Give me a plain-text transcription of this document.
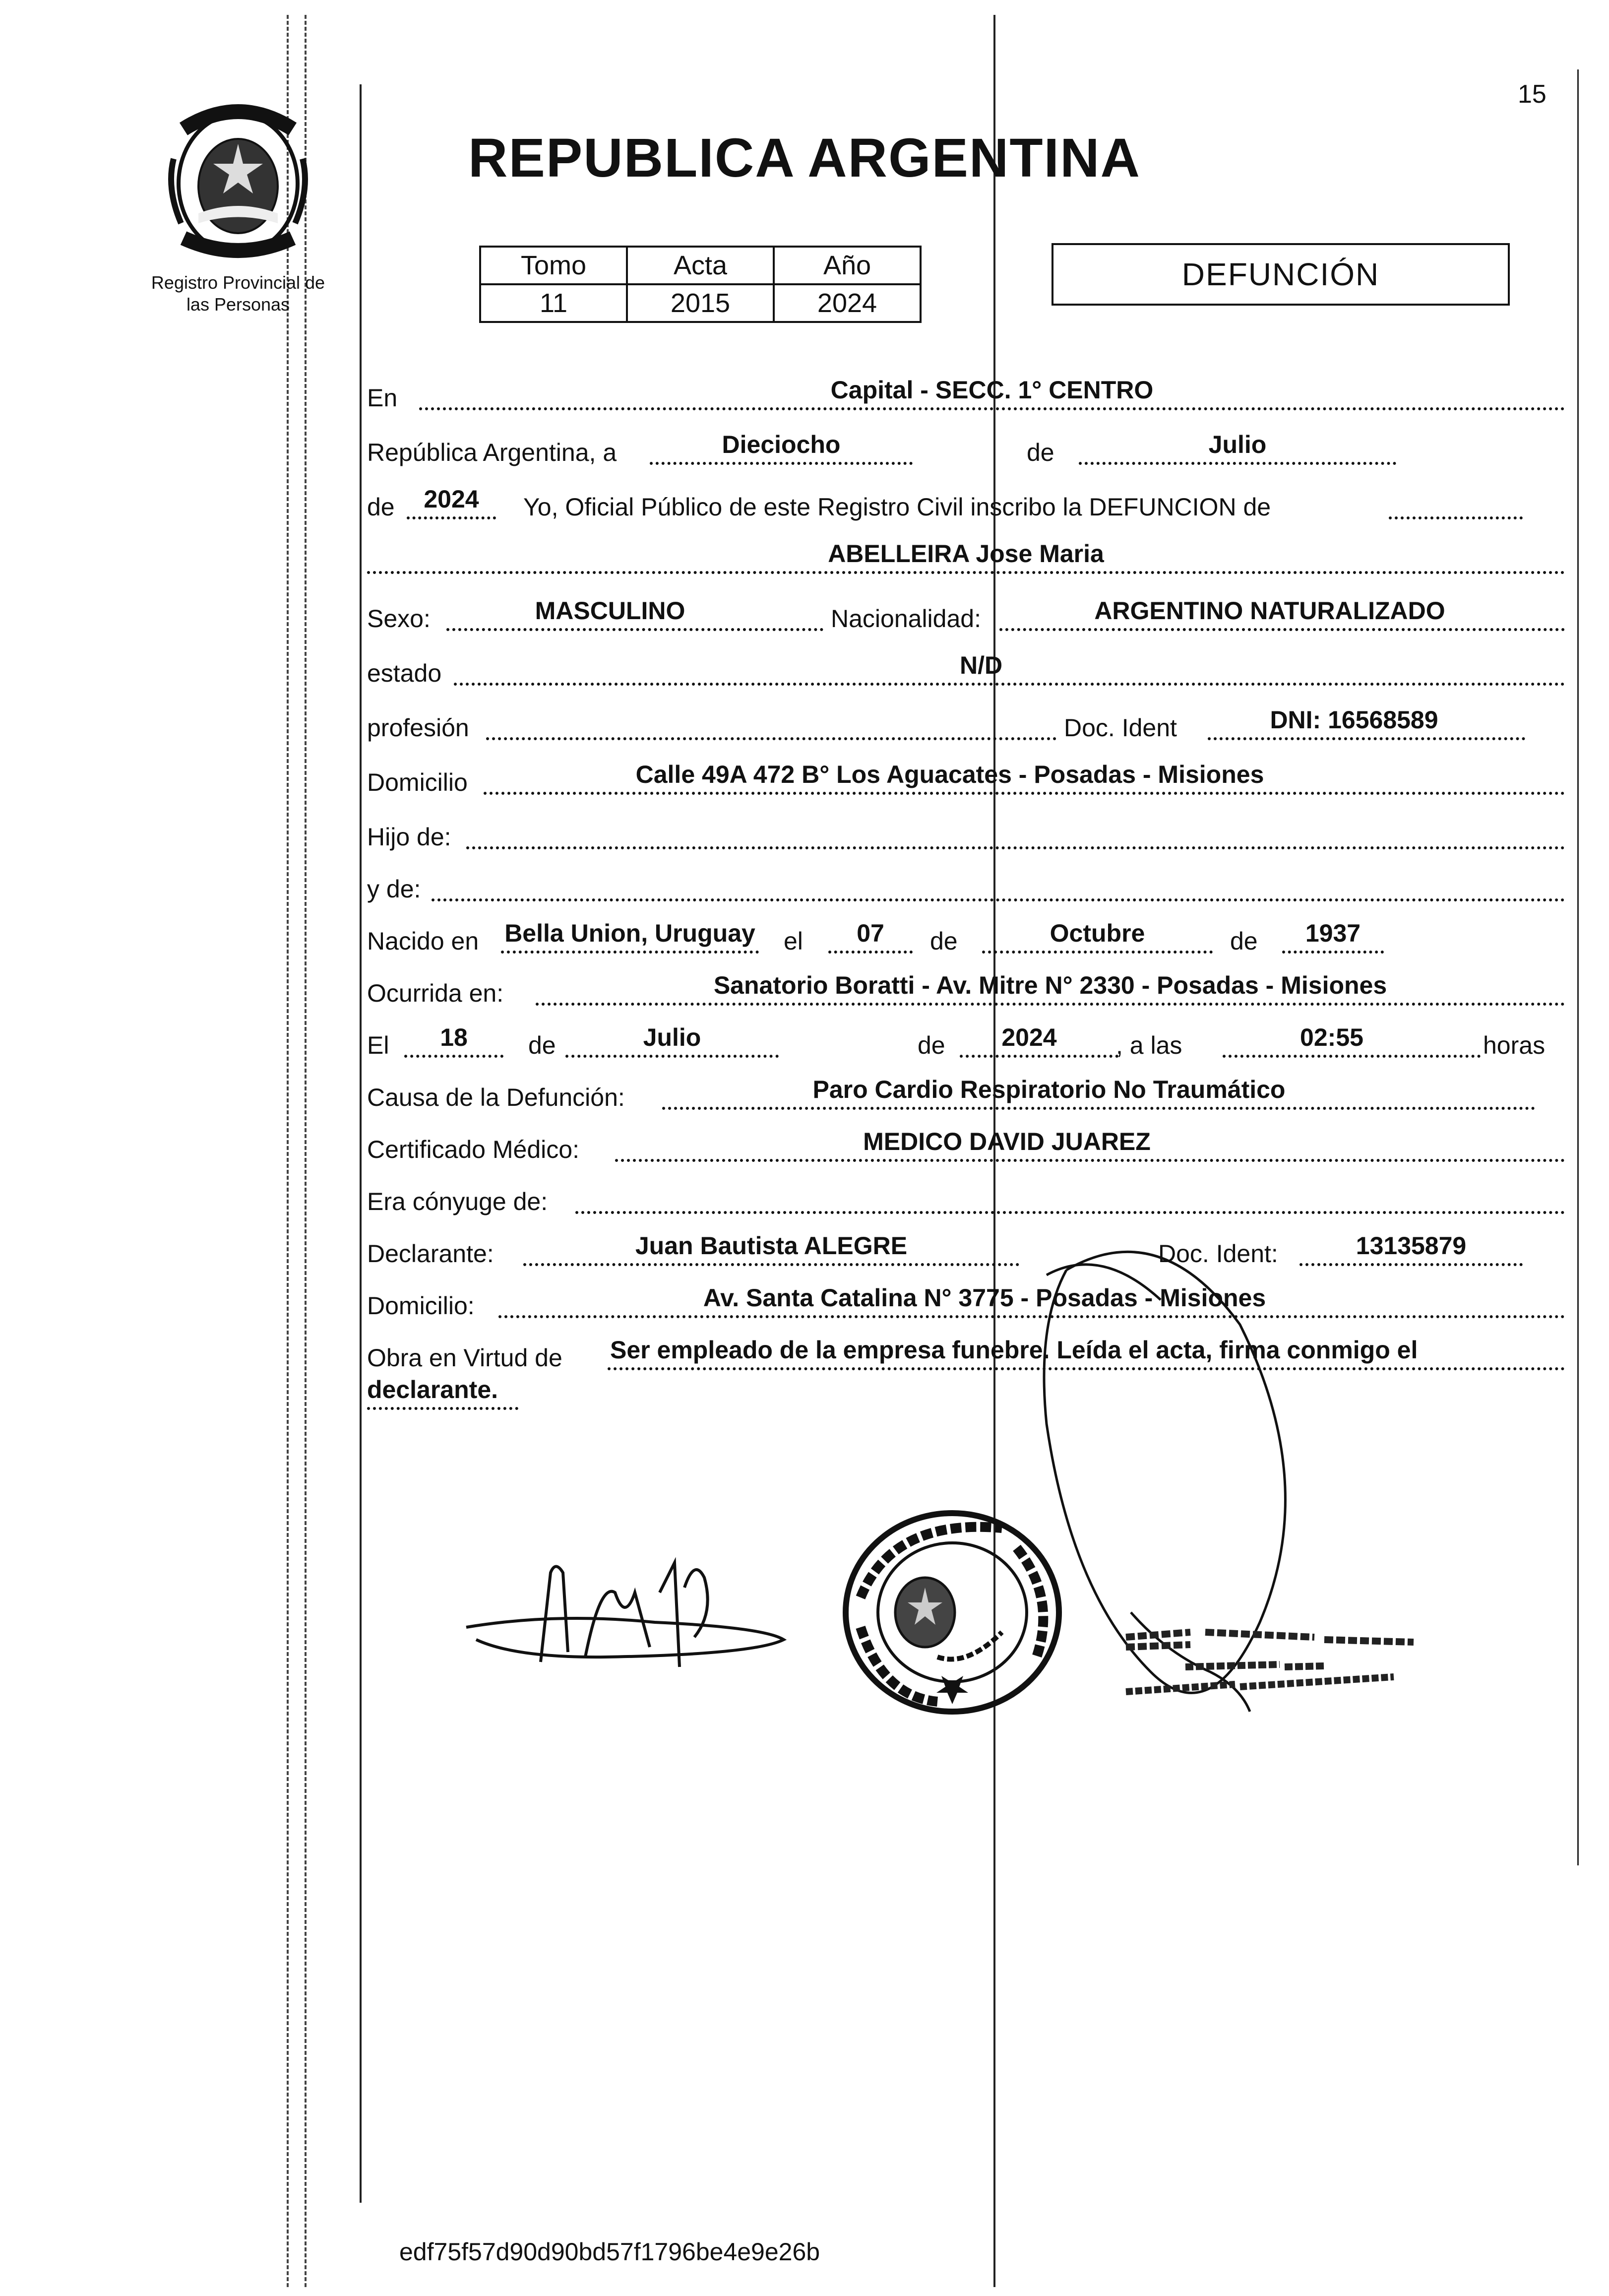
15
Registro Provincial de
las Personas
REPUBLICA ARGENTINA
Tomo	Acta	Año
11	2015	2024
DEFUNCIÓN
En	Capital - SECC. 1° CENTRO
República Argentina, a	Dieciocho	de	Julio
de	2024	Yo, Oficial Público de este Registro Civil inscribo la DEFUNCION de
ABELLEIRA Jose Maria
Sexo:	MASCULINO	Nacionalidad:	ARGENTINO NATURALIZADO
estado	N/D
profesión	Doc. Ident	DNI: 16568589
Domicilio	Calle 49A 472 B° Los Aguacates - Posadas - Misiones
Hijo de:
y de:
Nacido en Bella Union, Uruguay el	07	de	Octubre	de	1937
Ocurrida en:	Sanatorio Boratti - Av. Mitre N° 2330 - Posadas - Misiones
El	18	de	Julio	de	2024	, a las	02:55	horas
Causa de la Defunción:	Paro Cardio Respiratorio No Traumático
Certificado Médico:	MEDICO DAVID JUAREZ
Era cónyuge de:
Declarante:	Juan Bautista ALEGRE	Doc. Ident:	13135879
Domicilio:	Av. Santa Catalina N° 3775 - Posadas - Misiones
Obra en Virtud de Ser empleado de la empresa funebre. Leída el acta, firma conmigo el
declarante.
edf75f57d90d90bd57f1796be4e9e26b
